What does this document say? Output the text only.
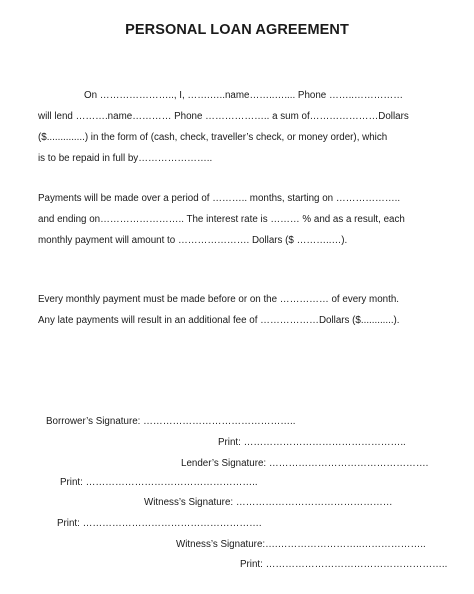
PERSONAL LOAN AGREEMENT
On ………………….., I, …….…..name……..….... Phone ……..……………
will lend ……….name………… Phone ……………….. a sum of…………………Dollars
($..............) in the form of (cash, check, traveller’s check, or money order), which
is to be repaid in full by…………………..
Payments will be made over a period of ……….. months, starting on ………………..
and ending on…………………….. The interest rate is ……… % and as a result, each
monthly payment will amount to …………………. Dollars ($ ………..…).
Every monthly payment must be made before or on the …………… of every month.
Any late payments will result in an additional fee of ………………Dollars ($............).
Borrower’s Signature: ………………………………………..
Print: …………………………………………..
Lender’s Signature: ………………………………………….
Print: ……………………………………………..
Witness’s Signature: …………………………………………
Print: ……………………………………………….
Witness’s Signature:….……………………..………………..
Print: ………………………………………………..
